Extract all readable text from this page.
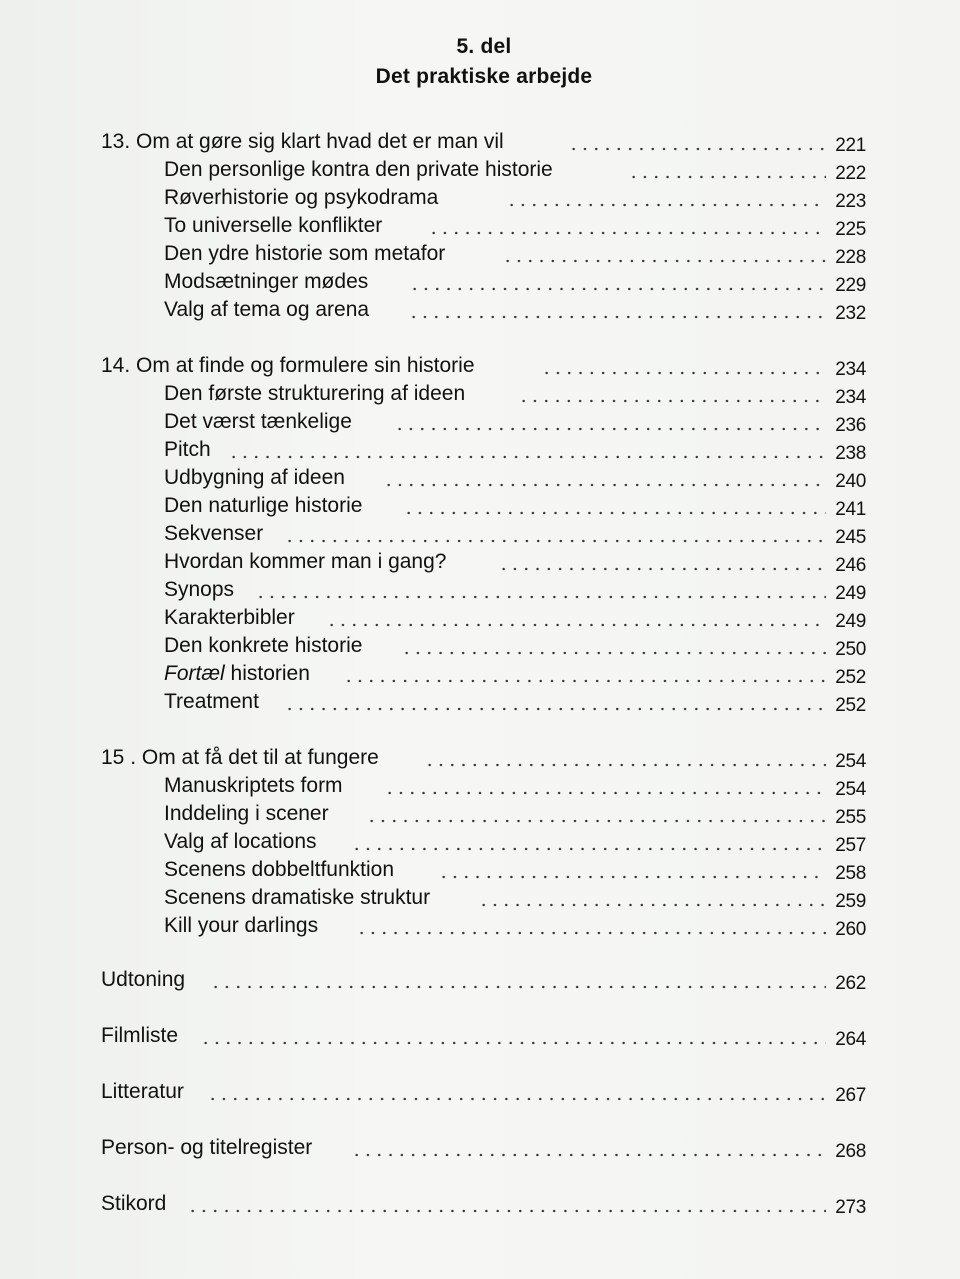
5. del
Det praktiske arbejde
13. Om at gøre sig klart hvad det er man vil	221
Den personlige kontra den private historie	222
Røverhistorie og psykodrama	223
To universelle konflikter	225
Den ydre historie som metafor	228
Modsætninger mødes	229
Valg af tema og arena	232
14. Om at finde og formulere sin historie	234
Den første strukturering af ideen	234
Det værst tænkelige	236
Pitch	238
Udbygning af ideen	240
Den naturlige historie	241
Sekvenser	245
Hvordan kommer man i gang?	246
Synops	249
Karakterbibler	249
Den konkrete historie	250
Fortæl historien	252
Treatment	252
15 . Om at få det til at fungere	254
Manuskriptets form	254
Inddeling i scener	255
Valg af locations	257
Scenens dobbeltfunktion	258
Scenens dramatiske struktur	259
Kill your darlings	260
Udtoning	262
Filmliste	264
Litteratur	267
Person- og titelregister	268
Stikord	273
